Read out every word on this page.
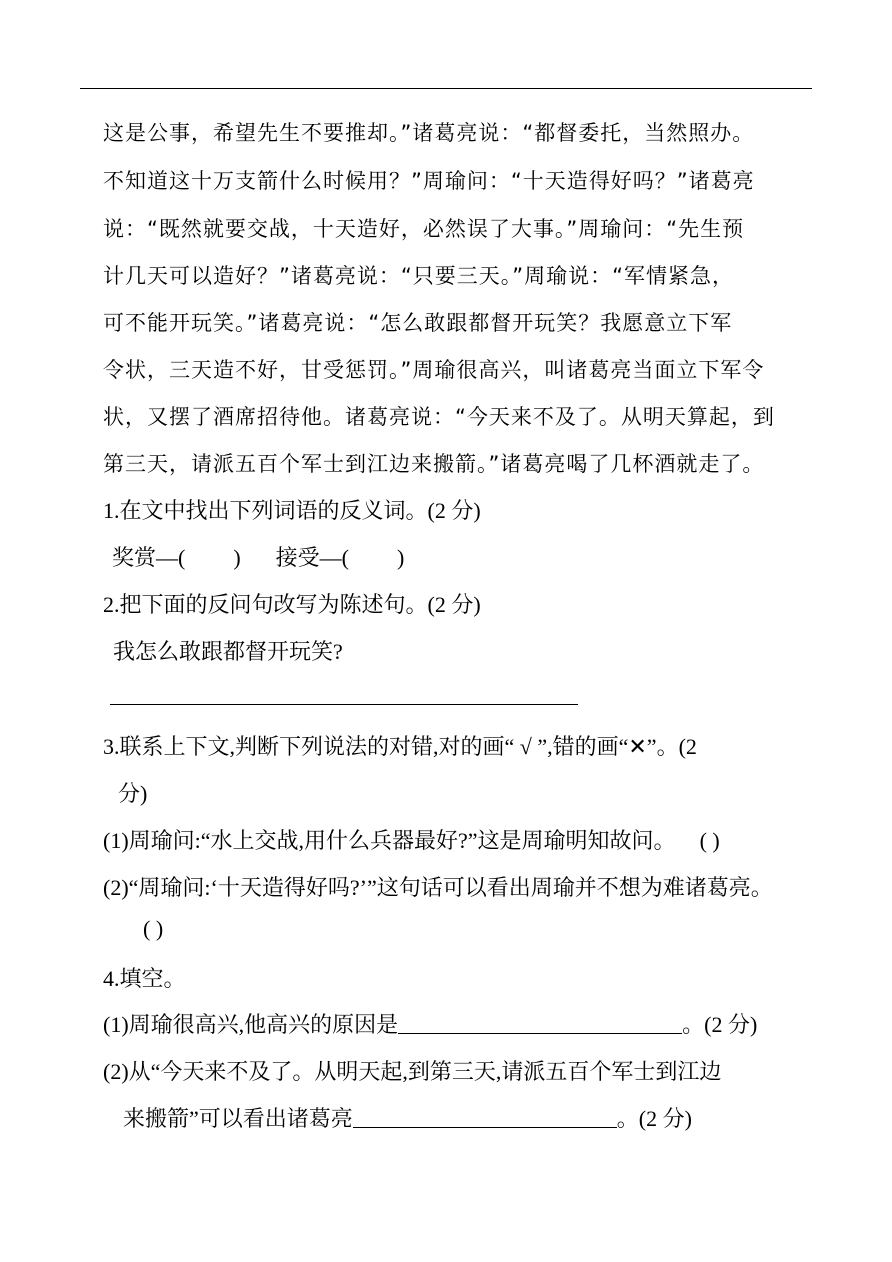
这是公事，希望先生不要推却。”诸葛亮说：“都督委托，当然照办。
不知道这十万支箭什么时候用？”周瑜问：“十天造得好吗？”诸葛亮
说：“既然就要交战，十天造好，必然误了大事。”周瑜问：“先生预
计几天可以造好？”诸葛亮说：“只要三天。”周瑜说：“军情紧急，
可不能开玩笑。”诸葛亮说：“怎么敢跟都督开玩笑？我愿意立下军
令状，三天造不好，甘受惩罚。”周瑜很高兴，叫诸葛亮当面立下军令
状，又摆了酒席招待他。诸葛亮说：“今天来不及了。从明天算起，到
第三天，请派五百个军士到江边来搬箭。”诸葛亮喝了几杯酒就走了。
1.在文中找出下列词语的反义词。(2 分)
奖赏—( ) 接受—( )
2.把下面的反问句改写为陈述句。(2 分)
我怎么敢跟都督开玩笑?
3.联系上下文,判断下列说法的对错,对的画“ √ ”,错的画“✕”。(2
分)
(1)周瑜问:“水上交战,用什么兵器最好?”这是周瑜明知故问。 ( )
(2)“周瑜问:‘十天造得好吗?’”这句话可以看出周瑜并不想为难诸葛亮。
( )
4.填空。
(1)周瑜很高兴,他高兴的原因是	。(2 分)
(2)从“今天来不及了。从明天起,到第三天,请派五百个军士到江边
来搬箭”可以看出诸葛亮	。(2 分)
